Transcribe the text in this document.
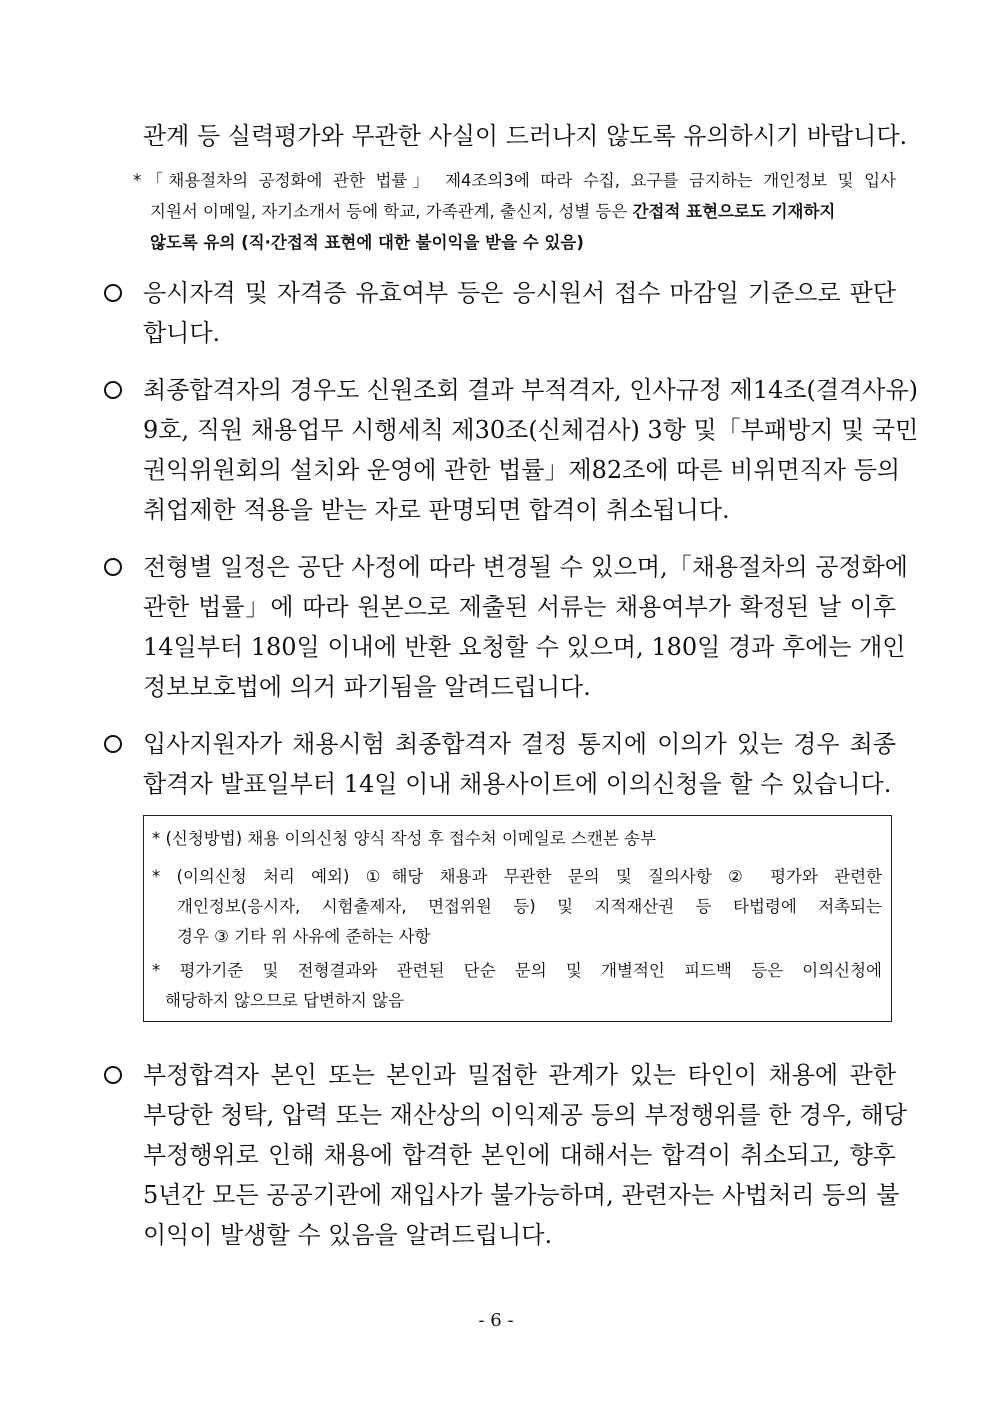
관계 등 실력평가와 무관한 사실이 드러나지 않도록 유의하시기 바랍니다.
*「채용절차의 공정화에 관한 법률」 제4조의3에 따라 수집, 요구를 금지하는 개인정보 및 입사
지원서 이메일, 자기소개서 등에 학교, 가족관계, 출신지, 성별 등은 간접적 표현으로도 기재하지
않도록 유의 (직·간접적 표현에 대한 불이익을 받을 수 있음)
응시자격 및 자격증 유효여부 등은 응시원서 접수 마감일 기준으로 판단
합니다.
최종합격자의 경우도 신원조회 결과 부적격자, 인사규정 제14조(결격사유)
9호, 직원 채용업무 시행세칙 제30조(신체검사) 3항 및「부패방지 및 국민
권익위원회의 설치와 운영에 관한 법률」제82조에 따른 비위면직자 등의
취업제한 적용을 받는 자로 판명되면 합격이 취소됩니다.
전형별 일정은 공단 사정에 따라 변경될 수 있으며,「채용절차의 공정화에
관한 법률」에 따라 원본으로 제출된 서류는 채용여부가 확정된 날 이후
14일부터 180일 이내에 반환 요청할 수 있으며, 180일 경과 후에는 개인
정보보호법에 의거 파기됨을 알려드립니다.
입사지원자가 채용시험 최종합격자 결정 통지에 이의가 있는 경우 최종
합격자 발표일부터 14일 이내 채용사이트에 이의신청을 할 수 있습니다.
* (신청방법) 채용 이의신청 양식 작성 후 접수처 이메일로 스캔본 송부
* (이의신청 처리 예외) ①해당 채용과 무관한 문의 및 질의사항 ② 평가와 관련한
개인정보(응시자, 시험출제자, 면접위원 등) 및 지적재산권 등 타법령에 저촉되는
경우 ③ 기타 위 사유에 준하는 사항
* 평가기준 및 전형결과와 관련된 단순 문의 및 개별적인 피드백 등은 이의신청에
해당하지 않으므로 답변하지 않음
부정합격자 본인 또는 본인과 밀접한 관계가 있는 타인이 채용에 관한
부당한 청탁, 압력 또는 재산상의 이익제공 등의 부정행위를 한 경우, 해당
부정행위로 인해 채용에 합격한 본인에 대해서는 합격이 취소되고, 향후
5년간 모든 공공기관에 재입사가 불가능하며, 관련자는 사법처리 등의 불
이익이 발생할 수 있음을 알려드립니다.
- 6 -
